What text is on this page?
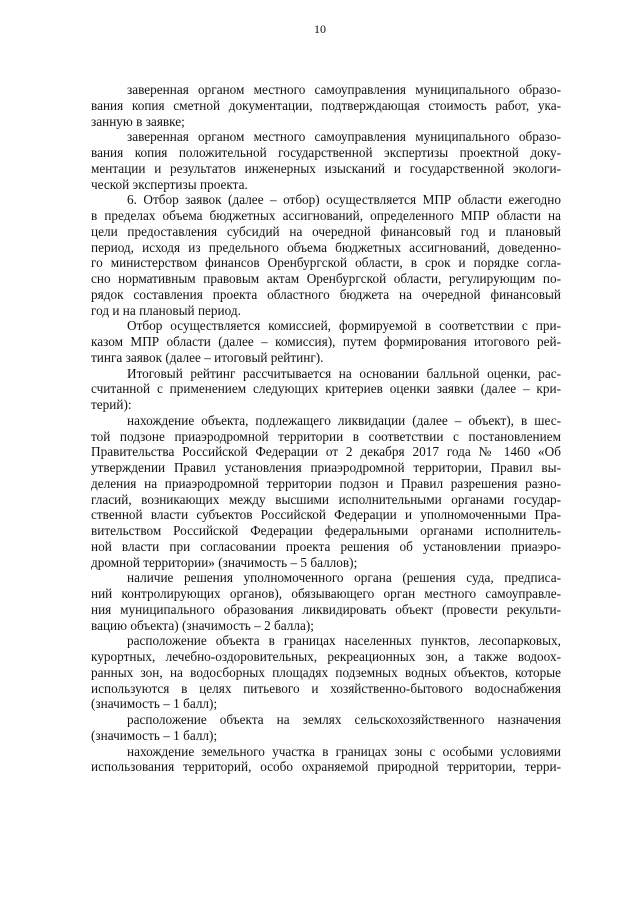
10
заверенная органом местного самоуправления муниципального образо-
вания копия сметной документации, подтверждающая стоимость работ, ука-
занную в заявке;
заверенная органом местного самоуправления муниципального образо-
вания копия положительной государственной экспертизы проектной доку-
ментации и результатов инженерных изысканий и государственной экологи-
ческой экспертизы проекта.
6. Отбор заявок (далее – отбор) осуществляется МПР области ежегодно
в пределах объема бюджетных ассигнований, определенного МПР области на
цели предоставления субсидий на очередной финансовый год и плановый
период, исходя из предельного объема бюджетных ассигнований, доведенно-
го министерством финансов Оренбургской области, в срок и порядке согла-
сно нормативным правовым актам Оренбургской области, регулирующим по-
рядок составления проекта областного бюджета на очередной финансовый
год и на плановый период.
Отбор осуществляется комиссией, формируемой в соответствии с при-
казом МПР области (далее – комиссия), путем формирования итогового рей-
тинга заявок (далее – итоговый рейтинг).
Итоговый рейтинг рассчитывается на основании балльной оценки, рас-
считанной с применением следующих критериев оценки заявки (далее – кри-
терий):
нахождение объекта, подлежащего ликвидации (далее – объект), в шес-
той подзоне приаэродромной территории в соответствии с постановлением
Правительства Российской Федерации от 2 декабря 2017 года № 1460 «Об
утверждении Правил установления приаэродромной территории, Правил вы-
деления на приаэродромной территории подзон и Правил разрешения разно-
гласий, возникающих между высшими исполнительными органами государ-
ственной власти субъектов Российской Федерации и уполномоченными Пра-
вительством Российской Федерации федеральными органами исполнитель-
ной власти при согласовании проекта решения об установлении приаэро-
дромной территории» (значимость – 5 баллов);
наличие решения уполномоченного органа (решения суда, предписа-
ний контролирующих органов), обязывающего орган местного самоуправле-
ния муниципального образования ликвидировать объект (провести рекульти-
вацию объекта) (значимость – 2 балла);
расположение объекта в границах населенных пунктов, лесопарковых,
курортных, лечебно-оздоровительных, рекреационных зон, а также водоох-
ранных зон, на водосборных площадях подземных водных объектов, которые
используются в целях питьевого и хозяйственно-бытового водоснабжения
(значимость – 1 балл);
расположение объекта на землях сельскохозяйственного назначения
(значимость – 1 балл);
нахождение земельного участка в границах зоны с особыми условиями
использования территорий, особо охраняемой природной территории, терри-
